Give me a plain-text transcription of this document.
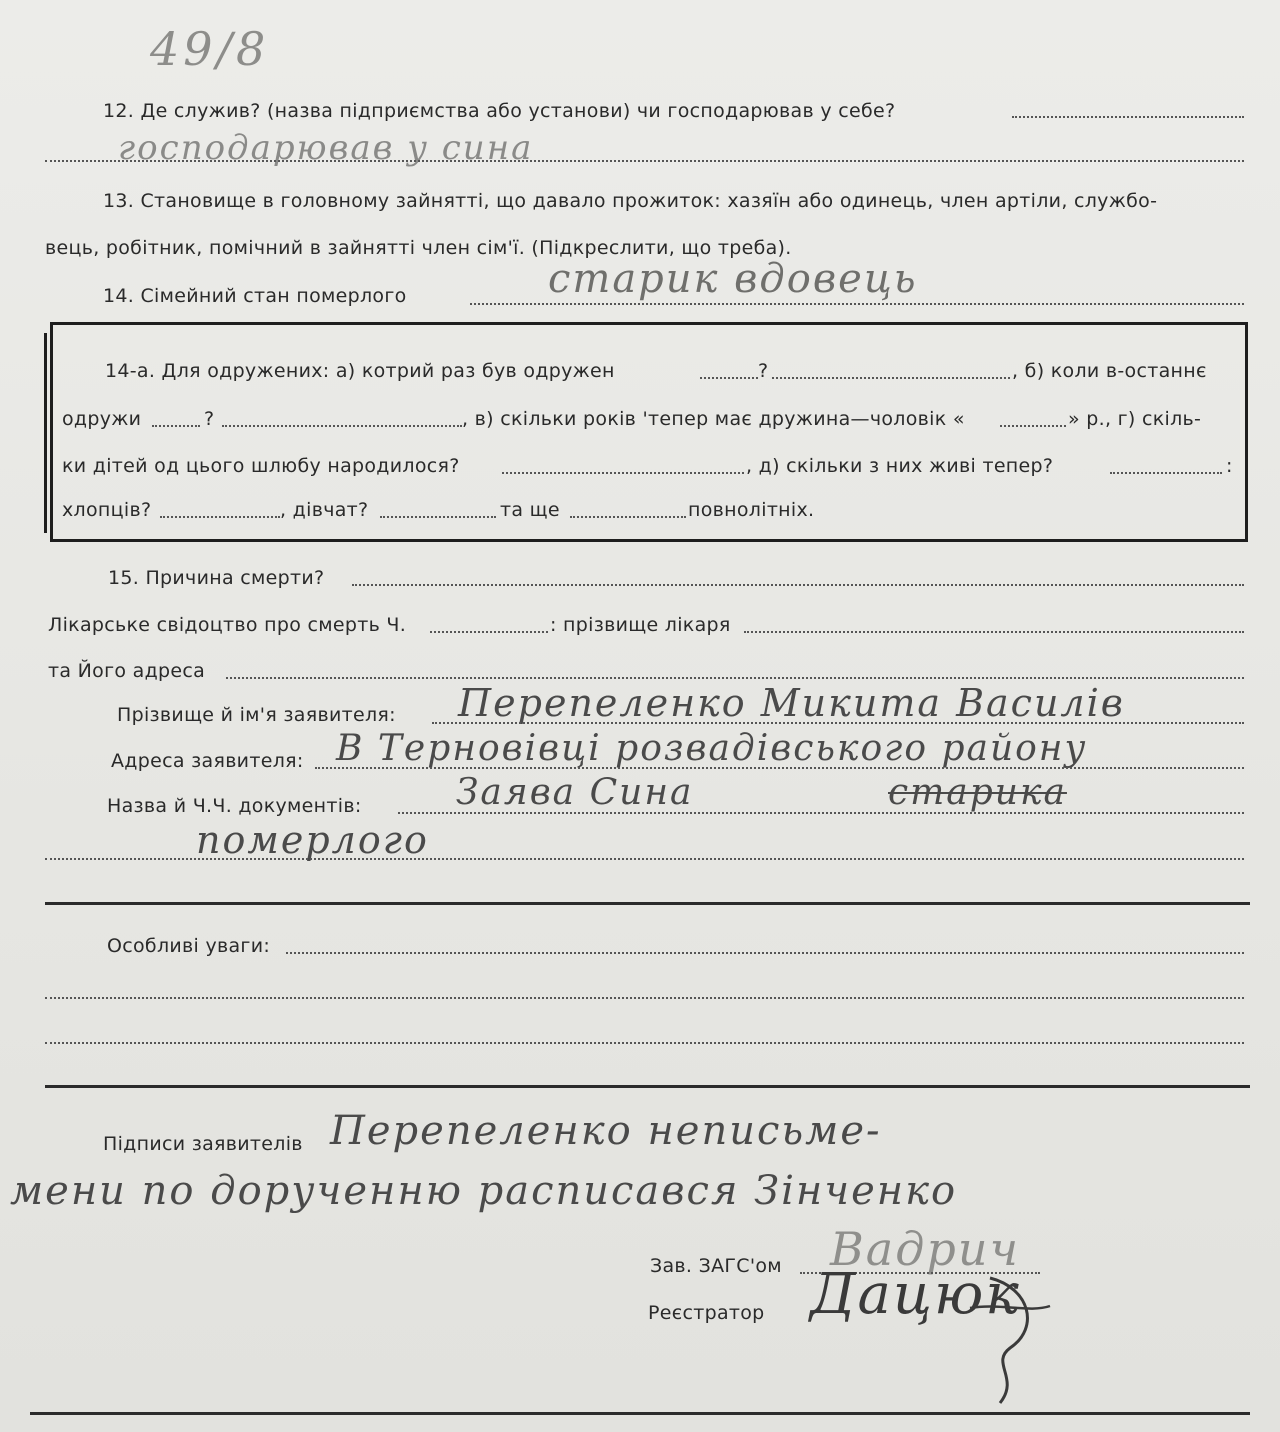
49/8
12. Де служив? (назва підприємства або установи) чи господарював у себе?
господарював у сина
13. Становище в головному зайнятті, що давало прожиток: хазяїн або одинець, член артіли, службо-
вець, робітник, помічний в зайнятті член сім'ї. (Підкреслити, що треба).
14. Сімейний стан померлого	старик вдовець
14-а. Для одружених: а) котрий раз був одружен	?	, б) коли в-останнє
одружи	?	, в) скільки років 'тепер має дружина—чоловік «	» р., г) скіль-
ки дітей од цього шлюбу народилося?	, д) скільки з них живі тепер?	:
хлопців?	, дівчат?	та ще	повнолітніх.
15. Причина смерти?
Лікарське свідоцтво про смерть Ч.	: прізвище лікаря
та Його адреса
Прізвище й ім'я заявителя: Перепеленко Микита Василів
Адреса заявителя: В Терновівці розвадівського району
Назва й Ч.Ч. документів:	Заява Сина	старика
померлого
Особливі уваги:
Підписи заявителів Перепеленко неписьме-
мени по дорученню расписався Зінченко
Зав. ЗАГС'ом Вадрич
Реєстратор Дацюк
